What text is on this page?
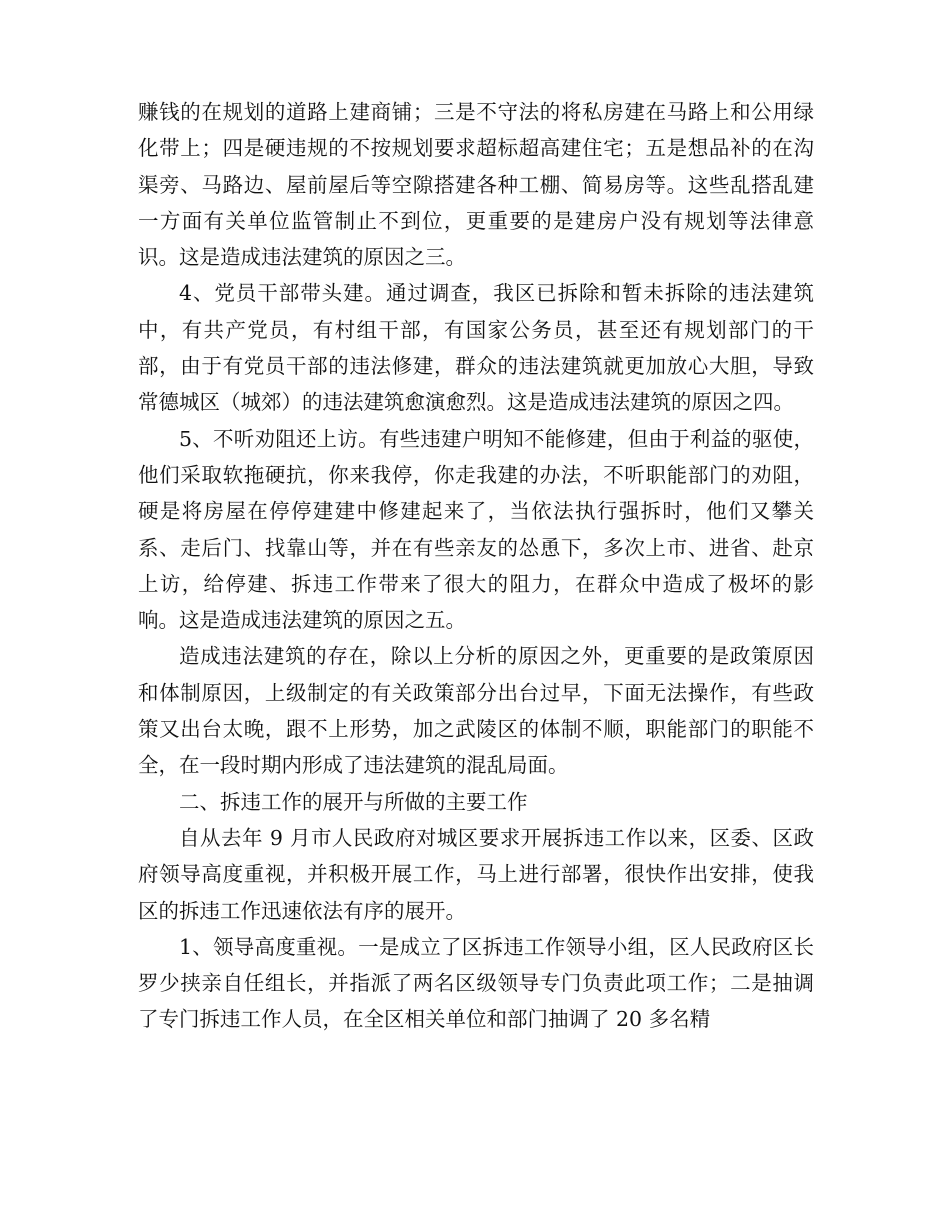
赚钱的在规划的道路上建商铺；三是不守法的将私房建在马路上和公用绿化带上；四是硬违规的不按规划要求超标超高建住宅；五是想品补的在沟渠旁、马路边、屋前屋后等空隙搭建各种工棚、简易房等。这些乱搭乱建一方面有关单位监管制止不到位，更重要的是建房户没有规划等法律意识。这是造成违法建筑的原因之三。

4、党员干部带头建。通过调查，我区已拆除和暂未拆除的违法建筑中，有共产党员，有村组干部，有国家公务员，甚至还有规划部门的干部，由于有党员干部的违法修建，群众的违法建筑就更加放心大胆，导致常德城区（城郊）的违法建筑愈演愈烈。这是造成违法建筑的原因之四。

5、不听劝阻还上访。有些违建户明知不能修建，但由于利益的驱使，他们采取软拖硬抗，你来我停，你走我建的办法，不听职能部门的劝阻，硬是将房屋在停停建建中修建起来了，当依法执行强拆时，他们又攀关系、走后门、找靠山等，并在有些亲友的怂恿下，多次上市、进省、赴京上访，给停建、拆违工作带来了很大的阻力，在群众中造成了极坏的影响。这是造成违法建筑的原因之五。

造成违法建筑的存在，除以上分析的原因之外，更重要的是政策原因和体制原因，上级制定的有关政策部分出台过早，下面无法操作，有些政策又出台太晚，跟不上形势，加之武陵区的体制不顺，职能部门的职能不全，在一段时期内形成了违法建筑的混乱局面。

二、拆违工作的展开与所做的主要工作

自从去年 9 月市人民政府对城区要求开展拆违工作以来，区委、区政府领导高度重视，并积极开展工作，马上进行部署，很快作出安排，使我区的拆违工作迅速依法有序的展开。

1、领导高度重视。一是成立了区拆违工作领导小组，区人民政府区长罗少挟亲自任组长，并指派了两名区级领导专门负责此项工作；二是抽调了专门拆违工作人员，在全区相关单位和部门抽调了 20 多名精
